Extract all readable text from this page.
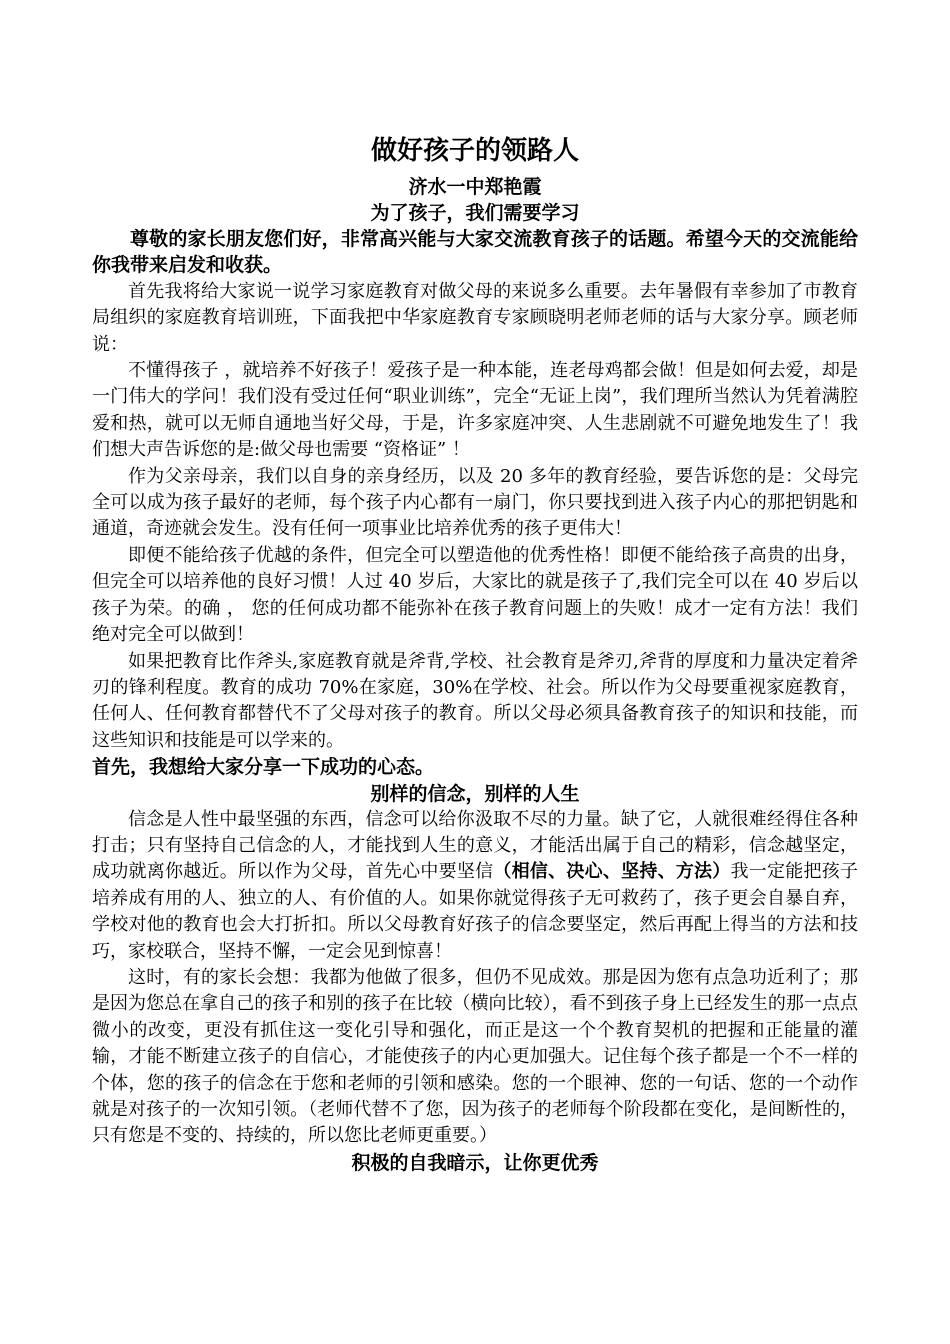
做好孩子的领路人

济水一中郑艳霞

为了孩子，我们需要学习

尊敬的家长朋友您们好，非常高兴能与大家交流教育孩子的话题。希望今天的交流能给你我带来启发和收获。

首先我将给大家说一说学习家庭教育对做父母的来说多么重要。去年暑假有幸参加了市教育局组织的家庭教育培训班，下面我把中华家庭教育专家顾晓明老师老师的话与大家分享。顾老师说：

不懂得孩子 ，就培养不好孩子！爱孩子是一种本能，连老母鸡都会做！但是如何去爱，却是一门伟大的学问！我们没有受过任何“职业训练”，完全“无证上岗”，我们理所当然认为凭着满腔爱和热，就可以无师自通地当好父母，于是，许多家庭冲突、人生悲剧就不可避免地发生了！我们想大声告诉您的是:做父母也需要 “资格证” ！

作为父亲母亲，我们以自身的亲身经历，以及 20 多年的教育经验，要告诉您的是：父母完全可以成为孩子最好的老师，每个孩子内心都有一扇门，你只要找到进入孩子内心的那把钥匙和通道，奇迹就会发生。没有任何一项事业比培养优秀的孩子更伟大！

即便不能给孩子优越的条件，但完全可以塑造他的优秀性格！即便不能给孩子高贵的出身，但完全可以培养他的良好习惯！人过 40 岁后，大家比的就是孩子了,我们完全可以在 40 岁后以孩子为荣。的确 ， 您的任何成功都不能弥补在孩子教育问题上的失败！成才一定有方法！我们绝对完全可以做到！

如果把教育比作斧头,家庭教育就是斧背,学校、社会教育是斧刃,斧背的厚度和力量决定着斧刃的锋利程度。教育的成功 70%在家庭，30%在学校、社会。所以作为父母要重视家庭教育，任何人、任何教育都替代不了父母对孩子的教育。所以父母必须具备教育孩子的知识和技能，而这些知识和技能是可以学来的。

首先，我想给大家分享一下成功的心态。

别样的信念，别样的人生

信念是人性中最坚强的东西，信念可以给你汲取不尽的力量。缺了它，人就很难经得住各种打击；只有坚持自己信念的人，才能找到人生的意义，才能活出属于自己的精彩，信念越坚定，成功就离你越近。所以作为父母，首先心中要坚信（相信、决心、坚持、方法）我一定能把孩子培养成有用的人、独立的人、有价值的人。如果你就觉得孩子无可救药了，孩子更会自暴自弃，学校对他的教育也会大打折扣。所以父母教育好孩子的信念要坚定，然后再配上得当的方法和技巧，家校联合，坚持不懈，一定会见到惊喜！

这时，有的家长会想：我都为他做了很多，但仍不见成效。那是因为您有点急功近利了；那是因为您总在拿自己的孩子和别的孩子在比较（横向比较），看不到孩子身上已经发生的那一点点微小的改变，更没有抓住这一变化引导和强化，而正是这一个个教育契机的把握和正能量的灌输，才能不断建立孩子的自信心，才能使孩子的内心更加强大。记住每个孩子都是一个不一样的个体，您的孩子的信念在于您和老师的引领和感染。您的一个眼神、您的一句话、您的一个动作就是对孩子的一次知引领。（老师代替不了您，因为孩子的老师每个阶段都在变化，是间断性的，只有您是不变的、持续的，所以您比老师更重要。）

积极的自我暗示，让你更优秀
